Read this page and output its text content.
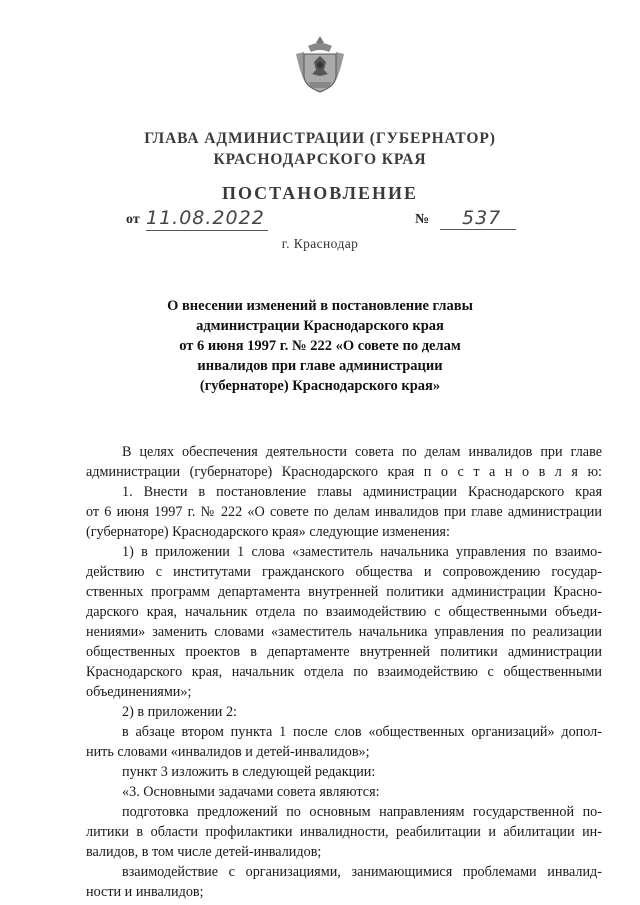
ГЛАВА АДМИНИСТРАЦИИ (ГУБЕРНАТОР)
КРАСНОДАРСКОГО КРАЯ
ПОСТАНОВЛЕНИЕ
от 11.08.2022	№	537
г. Краснодар
О внесении изменений в постановление главы
администрации Краснодарского края
от 6 июня 1997 г. № 222 «О совете по делам
инвалидов при главе администрации
(губернаторе) Краснодарского края»
В целях обеспечения деятельности совета по делам инвалидов при главе
администрации (губернаторе) Краснодарского края п о с т а н о в л я ю:
1. Внести в постановление главы администрации Краснодарского края
от 6 июня 1997 г. № 222 «О совете по делам инвалидов при главе администрации
(губернаторе) Краснодарского края» следующие изменения:
1) в приложении 1 слова «заместитель начальника управления по взаимо-
действию с институтами гражданского общества и сопровождению государ-
ственных программ департамента внутренней политики администрации Красно-
дарского края, начальник отдела по взаимодействию с общественными объеди-
нениями» заменить словами «заместитель начальника управления по реализации
общественных проектов в департаменте внутренней политики администрации
Краснодарского края, начальник отдела по взаимодействию с общественными
объединениями»;
2) в приложении 2:
в абзаце втором пункта 1 после слов «общественных организаций» допол-
нить словами «инвалидов и детей-инвалидов»;
пункт 3 изложить в следующей редакции:
«3. Основными задачами совета являются:
подготовка предложений по основным направлениям государственной по-
литики в области профилактики инвалидности, реабилитации и абилитации ин-
валидов, в том числе детей-инвалидов;
взаимодействие с организациями, занимающимися проблемами инвалид-
ности и инвалидов;
